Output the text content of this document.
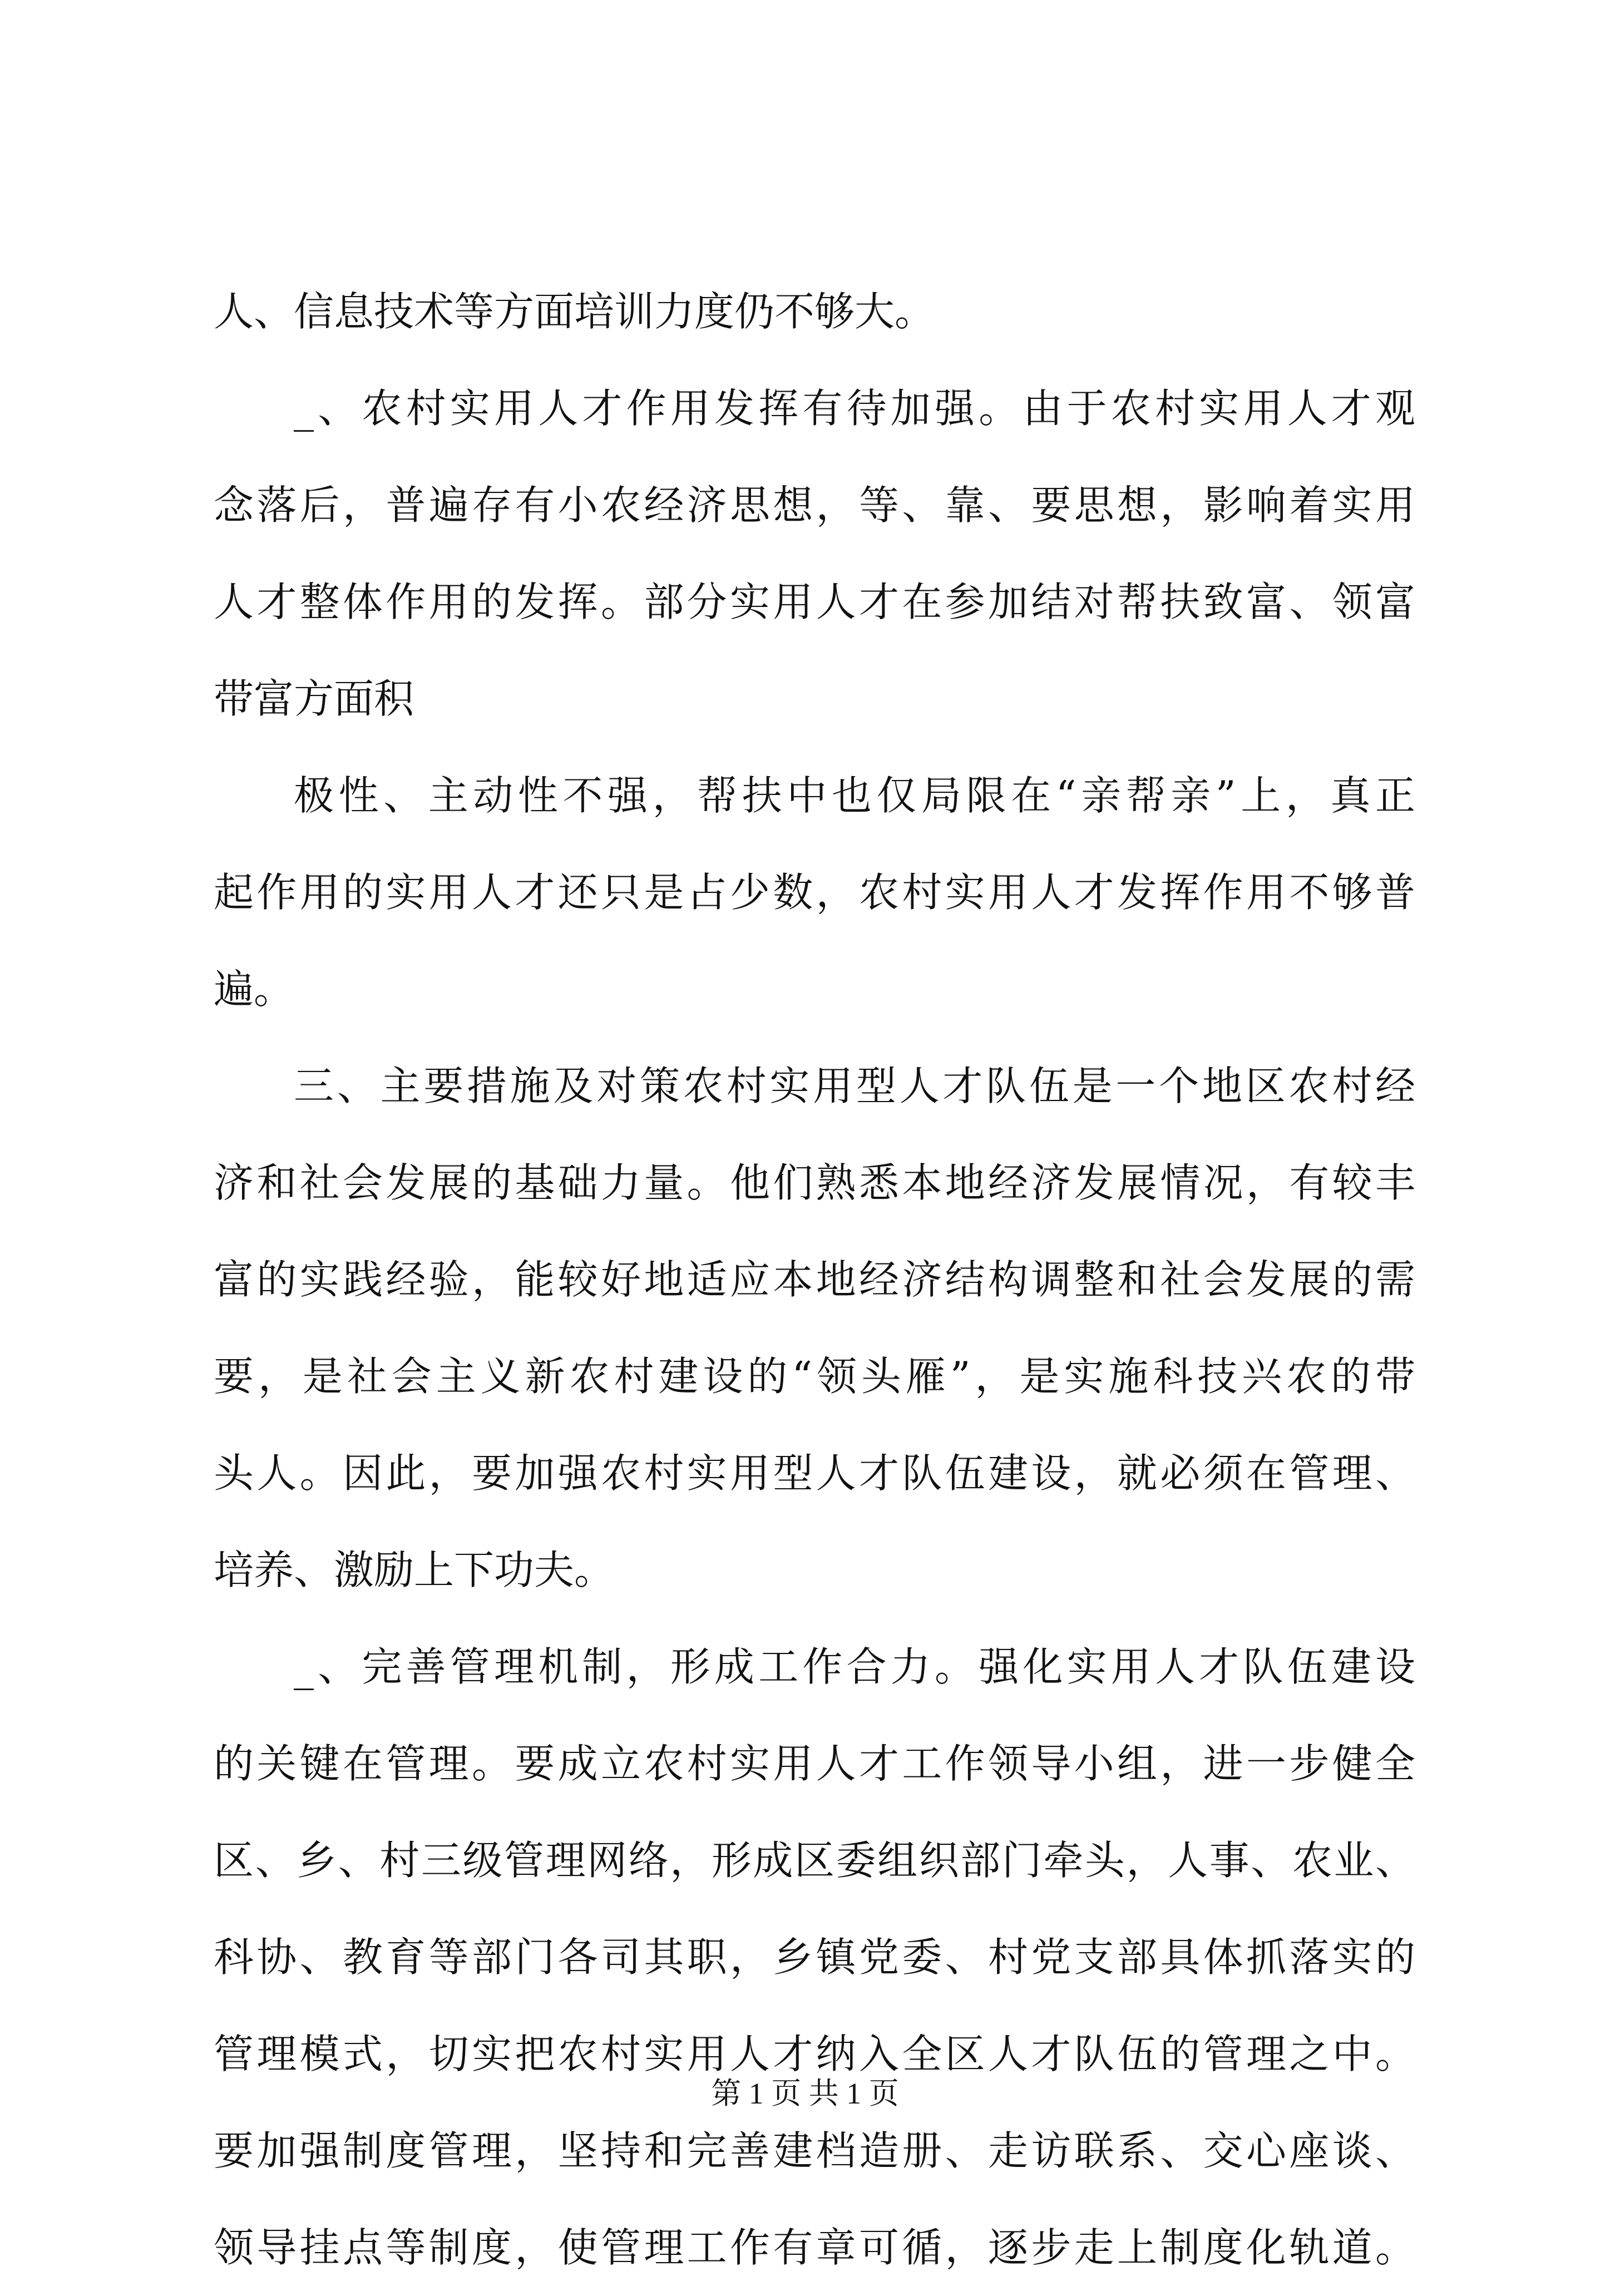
人、信息技术等方面培训力度仍不够大。
_、农村实用人才作用发挥有待加强。由于农村实用人才观
念落后，普遍存有小农经济思想，等、靠、要思想，影响着实用
人才整体作用的发挥。部分实用人才在参加结对帮扶致富、领富
带富方面积
极性、主动性不强，帮扶中也仅局限在“亲帮亲”上，真正
起作用的实用人才还只是占少数，农村实用人才发挥作用不够普
遍。
三、主要措施及对策农村实用型人才队伍是一个地区农村经
济和社会发展的基础力量。他们熟悉本地经济发展情况，有较丰
富的实践经验，能较好地适应本地经济结构调整和社会发展的需
要，是社会主义新农村建设的“领头雁”，是实施科技兴农的带
头人。因此，要加强农村实用型人才队伍建设，就必须在管理、
培养、激励上下功夫。
_、完善管理机制，形成工作合力。强化实用人才队伍建设
的关键在管理。要成立农村实用人才工作领导小组，进一步健全
区、乡、村三级管理网络，形成区委组织部门牵头，人事、农业、
科协、教育等部门各司其职，乡镇党委、村党支部具体抓落实的
管理模式，切实把农村实用人才纳入全区人才队伍的管理之中。
要加强制度管理，坚持和完善建档造册、走访联系、交心座谈、
领导挂点等制度，使管理工作有章可循，逐步走上制度化轨道。
第 1 页 共 1 页
